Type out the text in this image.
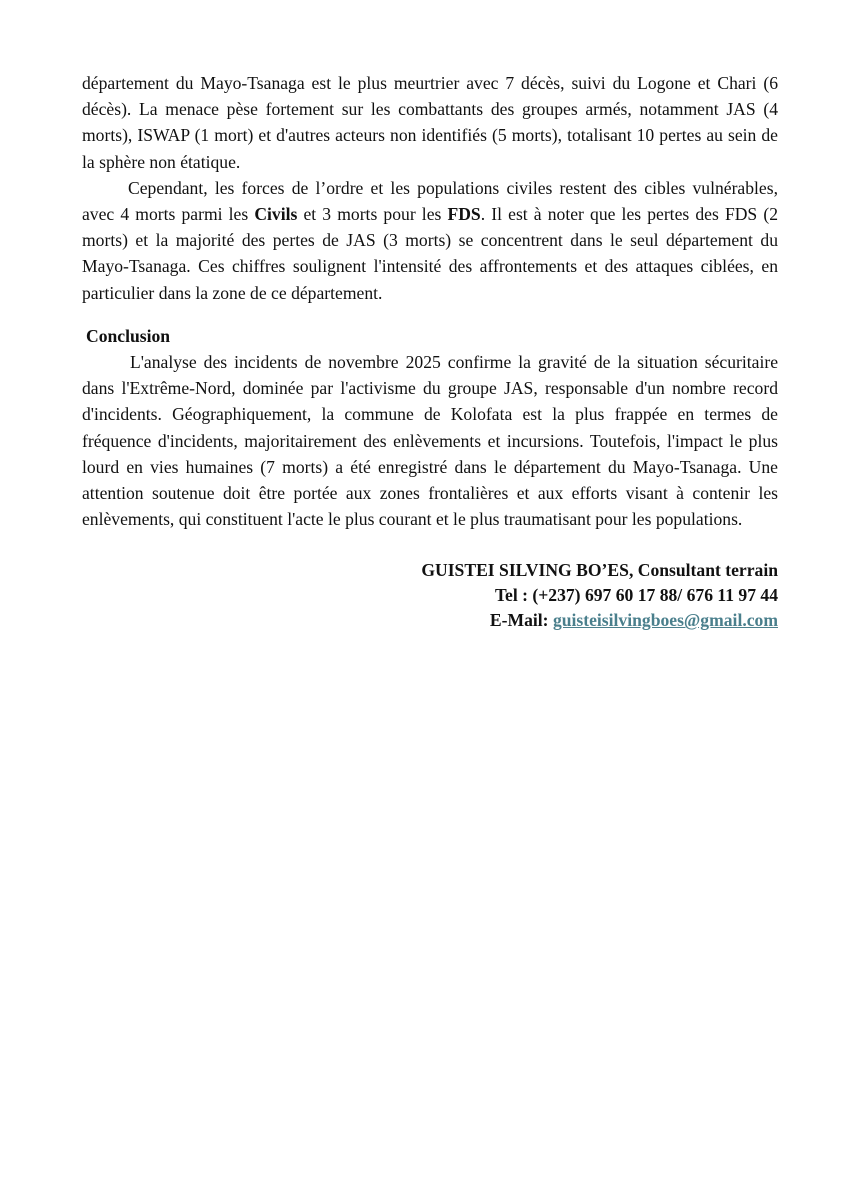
département du Mayo-Tsanaga est le plus meurtrier avec 7 décès, suivi du Logone et Chari (6 décès). La menace pèse fortement sur les combattants des groupes armés, notamment JAS (4 morts), ISWAP (1 mort) et d'autres acteurs non identifiés (5 morts), totalisant 10 pertes au sein de la sphère non étatique.

Cependant, les forces de l’ordre et les populations civiles restent des cibles vulnérables, avec 4 morts parmi les Civils et 3 morts pour les FDS. Il est à noter que les pertes des FDS (2 morts) et la majorité des pertes de JAS (3 morts) se concentrent dans le seul département du Mayo-Tsanaga. Ces chiffres soulignent l'intensité des affrontements et des attaques ciblées, en particulier dans la zone de ce département.

Conclusion

L'analyse des incidents de novembre 2025 confirme la gravité de la situation sécuritaire dans l'Extrême-Nord, dominée par l'activisme du groupe JAS, responsable d'un nombre record d'incidents. Géographiquement, la commune de Kolofata est la plus frappée en termes de fréquence d'incidents, majoritairement des enlèvements et incursions. Toutefois, l'impact le plus lourd en vies humaines (7 morts) a été enregistré dans le département du Mayo-Tsanaga. Une attention soutenue doit être portée aux zones frontalières et aux efforts visant à contenir les enlèvements, qui constituent l'acte le plus courant et le plus traumatisant pour les populations.

GUISTEI SILVING BO’ES, Consultant terrain
Tel : (+237) 697 60 17 88/ 676 11 97 44
E-Mail: guisteisilvingboes@gmail.com
